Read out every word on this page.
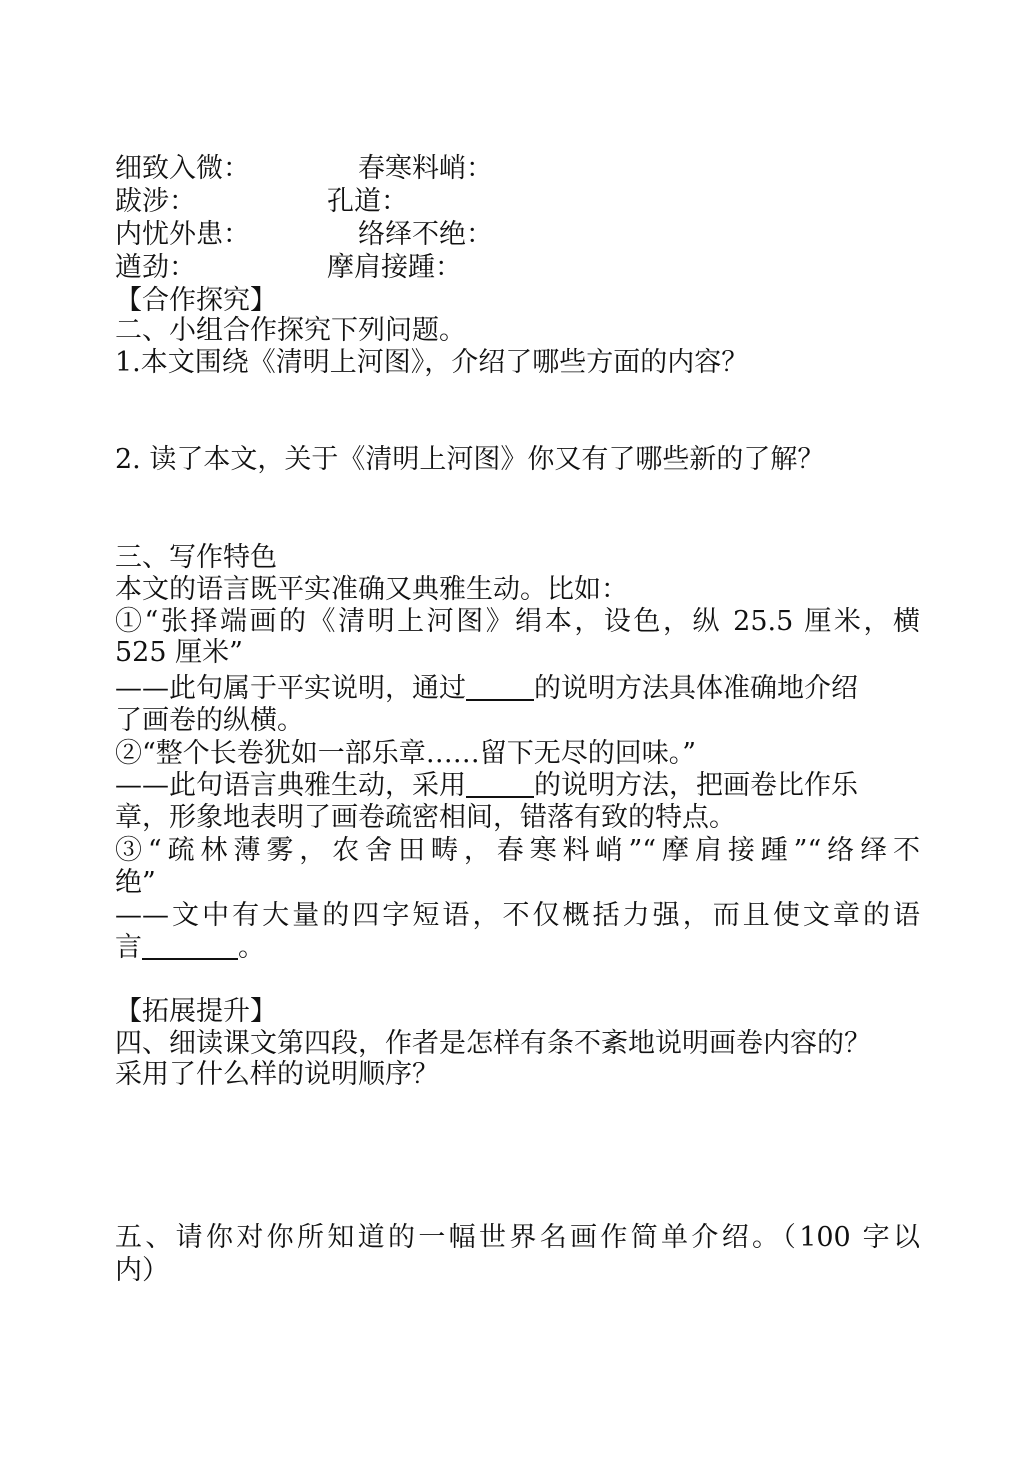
细致入微：	春寒料峭：
跋涉：	孔道：
内忧外患：	络绎不绝：
遒劲：	摩肩接踵：
【合作探究】
二、小组合作探究下列问题。
1.本文围绕《清明上河图》，介绍了哪些方面的内容？
2. 读了本文，关于《清明上河图》你又有了哪些新的了解？
三、写作特色
本文的语言既平实准确又典雅生动。比如：
①“张择端画的《清明上河图》绢本，设色，纵 25.5 厘米，横
525 厘米”
——此句属于平实说明，通过	的说明方法具体准确地介绍
了画卷的纵横。
②“整个长卷犹如一部乐章……留下无尽的回味。”
——此句语言典雅生动，采用	的说明方法，把画卷比作乐
章，形象地表明了画卷疏密相间，错落有致的特点。
③“疏林薄雾，农舍田畴，春寒料峭”“摩肩接踵”“络绎不
绝”
——文中有大量的四字短语，不仅概括力强，而且使文章的语
言	。
【拓展提升】
四、细读课文第四段，作者是怎样有条不紊地说明画卷内容的？
采用了什么样的说明顺序？
五、请你对你所知道的一幅世界名画作简单介绍。（100 字以
内）
